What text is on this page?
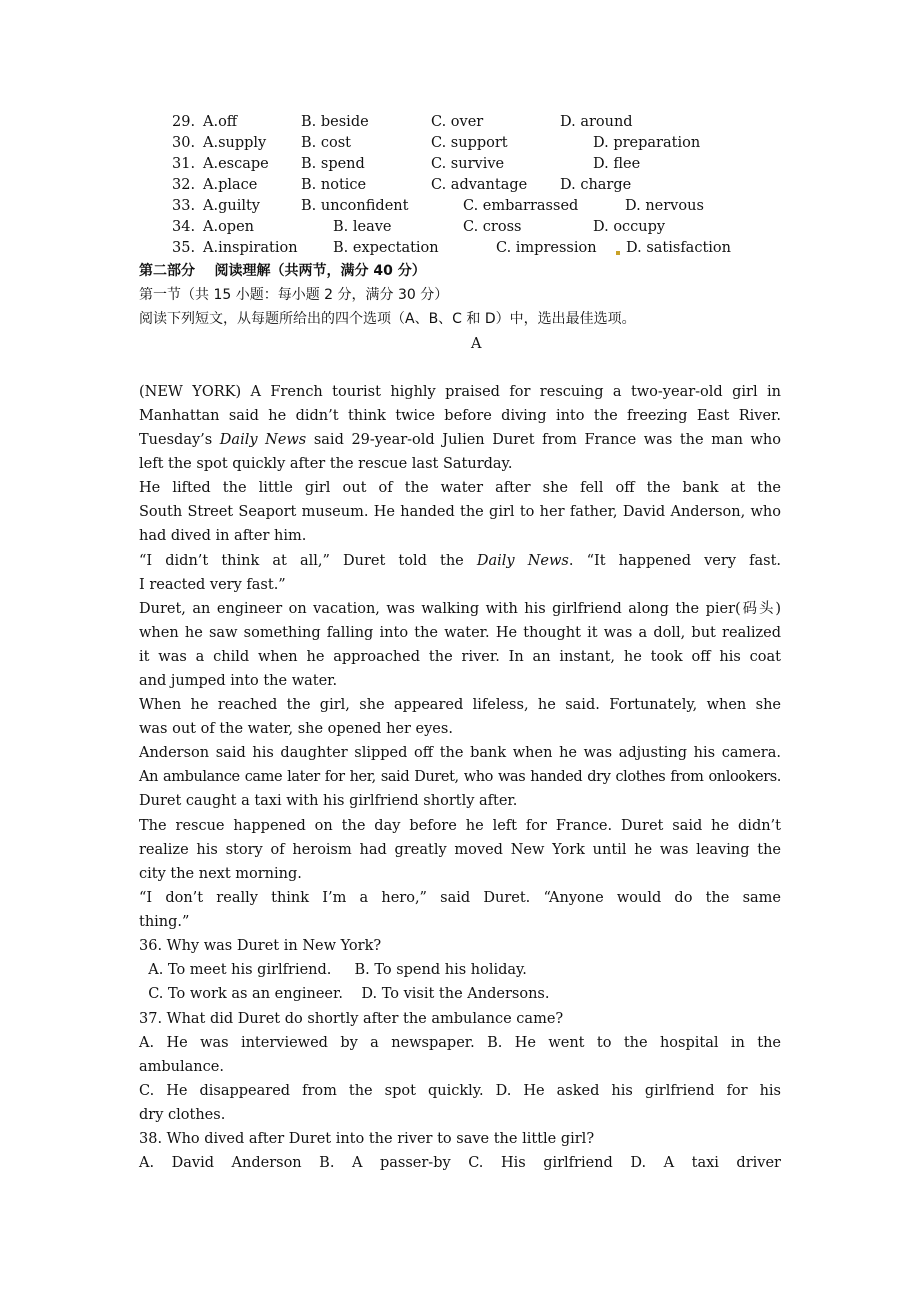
29. A.off	B. beside	C. over	D. around
30. A.supply B. cost	C. support	D. preparation
31. A.escape B. spend	C. survive	D. flee
32. A.place	B. notice	C. advantage D. charge
33. A.guilty	B. unconfident	C. embarrassed	D. nervous
34. A.open	B. leave	C. cross	D. occupy
35. A.inspiration B. expectation	C. impression D. satisfaction
第二部分    阅读理解（共两节，满分 40 分）
第一节（共 15 小题：每小题 2 分，满分 30 分）
阅读下列短文，从每题所给出的四个选项（A、B、C 和 D）中，选出最佳选项。
A
(NEW YORK) A French tourist highly praised for rescuing a two-year-old girl in
Manhattan said he didn’t think twice before diving into the freezing East River.
Tuesday’s Daily News said 29-year-old Julien Duret from France was the man who
left the spot quickly after the rescue last Saturday.
He lifted the little girl out of the water after she fell off the bank at the
South Street Seaport museum. He handed the girl to her father, David Anderson, who
had dived in after him.
“I didn’t think at all,” Duret told the Daily News. “It happened very fast.
I reacted very fast.”
Duret, an engineer on vacation, was walking with his girlfriend along the pier(码头)
when he saw something falling into the water. He thought it was a doll, but realized
it was a child when he approached the river. In an instant, he took off his coat
and jumped into the water.
When he reached the girl, she appeared lifeless, he said. Fortunately, when she
was out of the water, she opened her eyes.
Anderson said his daughter slipped off the bank when he was adjusting his camera.
An ambulance came later for her, said Duret, who was handed dry clothes from onlookers.
Duret caught a taxi with his girlfriend shortly after.
The rescue happened on the day before he left for France. Duret said he didn’t
realize his story of heroism had greatly moved New York until he was leaving the
city the next morning.
“I don’t really think I’m a hero,” said Duret. “Anyone would do the same
thing.”
36. Why was Duret in New York?
A. To meet his girlfriend.     B. To spend his holiday.
C. To work as an engineer.    D. To visit the Andersons.
37. What did Duret do shortly after the ambulance came?
A. He was interviewed by a newspaper. B. He went to the hospital in the
ambulance.
C. He disappeared from the spot quickly. D. He asked his girlfriend for his
dry clothes.
38. Who dived after Duret into the river to save the little girl?
A. David Anderson B. A passer-by C. His girlfriend D. A taxi driver
